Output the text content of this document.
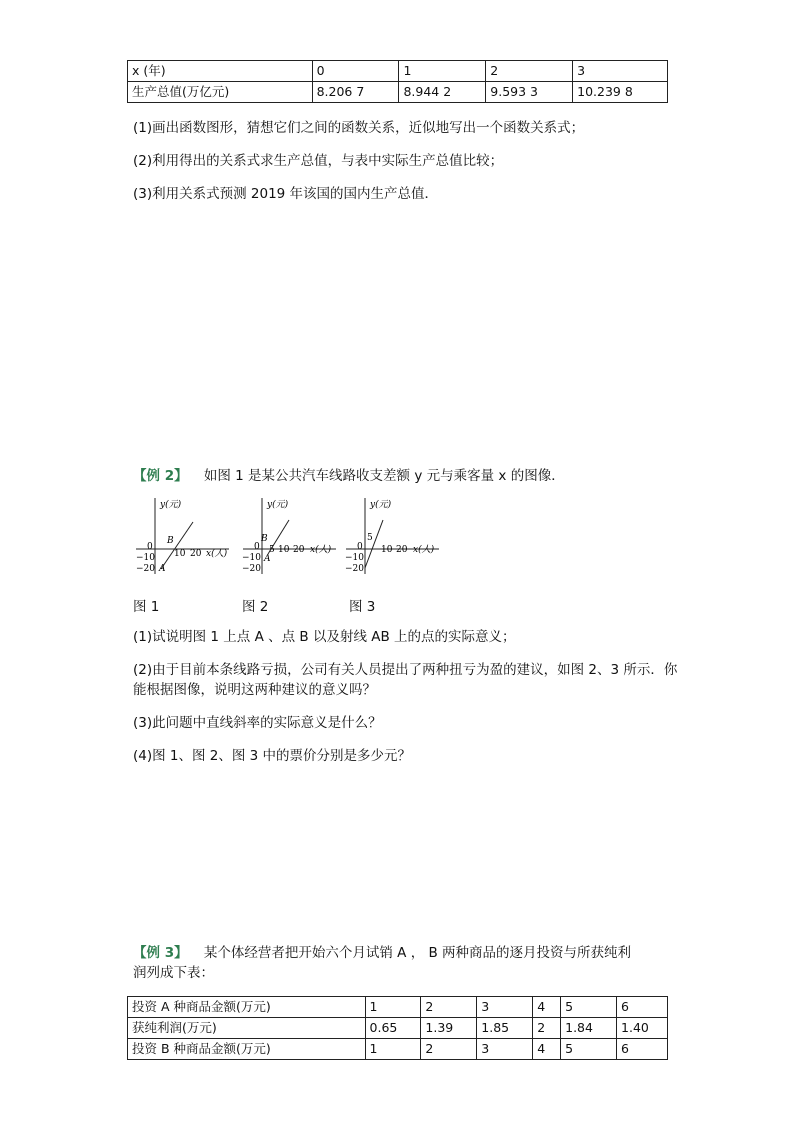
x (年)	0	1	2	3
生产总值(万亿元)	8.206 7	8.944 2	9.593 3	10.239 8
(1)画出函数图形，猜想它们之间的函数关系，近似地写出一个函数关系式；
(2)利用得出的关系式求生产总值，与表中实际生产总值比较；
(3)利用关系式预测 2019 年该国的国内生产总值．
【例 2】 如图 1 是某公共汽车线路收支差额 y 元与乘客量 x 的图像．
y(元)
0
B
A
10 20 x(人)
−10
−20
y(元)
0
B
A
5 10 20 x(人)
−10
−20
y(元)
5
0 10 20 x(人)
−10
−20
图 1	图 2	图 3
(1)试说明图 1 上点 A 、点 B 以及射线 AB 上的点的实际意义；
(2)由于目前本条线路亏损，公司有关人员提出了两种扭亏为盈的建议，如图 2、3 所示．你
能根据图像，说明这两种建议的意义吗？
(3)此问题中直线斜率的实际意义是什么？
(4)图 1、图 2、图 3 中的票价分别是多少元？
【例 3】 某个体经营者把开始六个月试销 A ， B 两种商品的逐月投资与所获纯利
润列成下表：
投资 A 种商品金额(万元)	1	2	3	4	5	6
获纯利润(万元)	0.65	1.39	1.85	2	1.84	1.40
投资 B 种商品金额(万元)	1	2	3	4	5	6
